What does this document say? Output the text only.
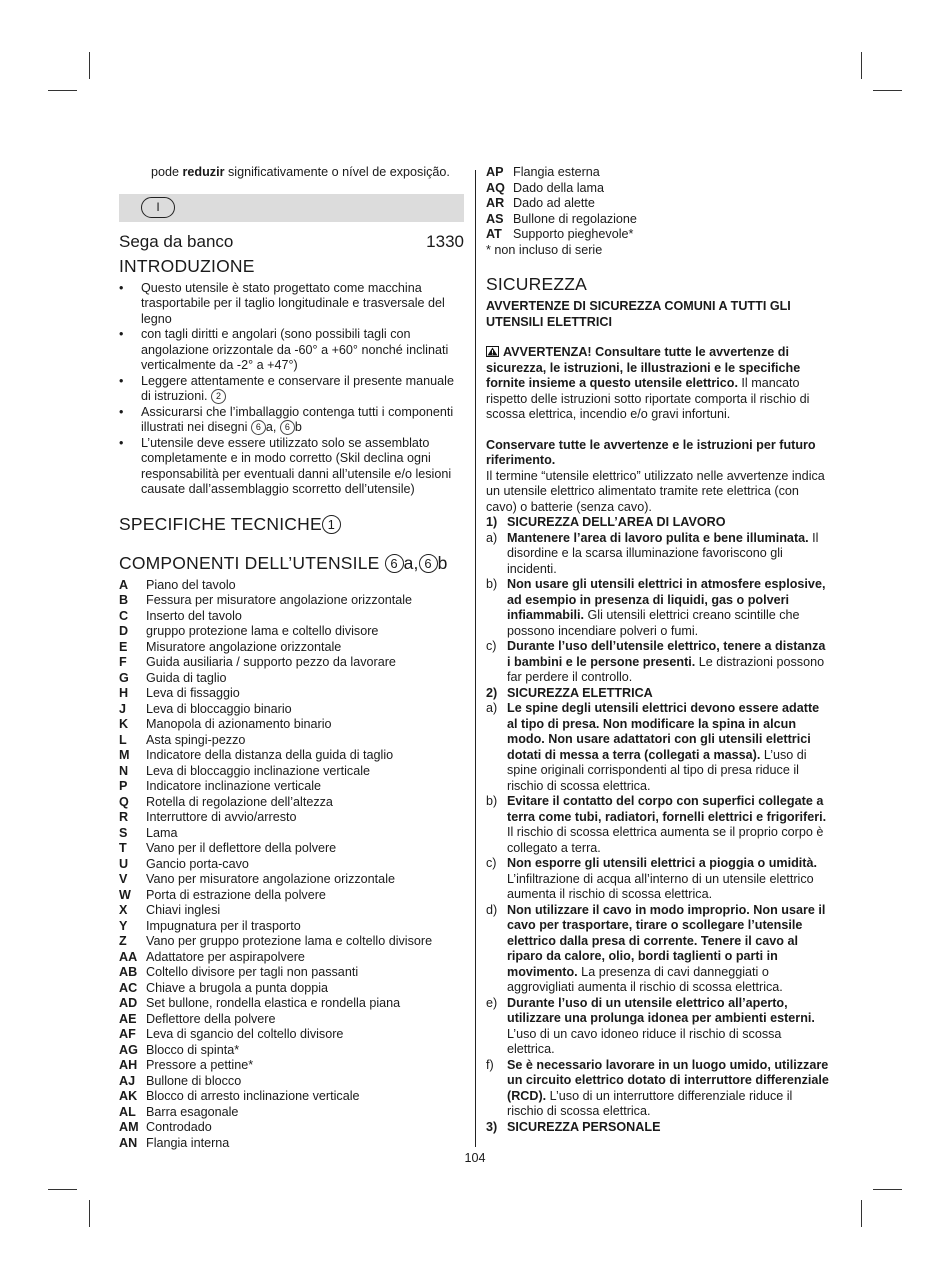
pode reduzir significativamente o nível de exposição.

I
Sega da banco	1330
INTRODUZIONE
• Questo utensile è stato progettato come macchina trasportabile per il taglio longitudinale e trasversale del legno
• con tagli diritti e angolari (sono possibili tagli con angolazione orizzontale da -60° a +60° nonché inclinati verticalmente da -2° a +47°)
• Leggere attentamente e conservare il presente manuale di istruzioni. 2
• Assicurarsi che l’imballaggio contenga tutti i componenti illustrati nei disegni 6 a, 6 b
• L’utensile deve essere utilizzato solo se assemblato completamente e in modo corretto (Skil declina ogni responsabilità per eventuali danni all’utensile e/o lesioni causate dall’assemblaggio scorretto dell’utensile)
SPECIFICHE TECNICHE 1
COMPONENTI DELL’UTENSILE 6 a, 6 b
A	Piano del tavolo
B	Fessura per misuratore angolazione orizzontale
C	Inserto del tavolo
D	gruppo protezione lama e coltello divisore
E	Misuratore angolazione orizzontale
F	Guida ausiliaria / supporto pezzo da lavorare
G	Guida di taglio
H	Leva di fissaggio
J	Leva di bloccaggio binario
K	Manopola di azionamento binario
L	Asta spingi-pezzo
M	Indicatore della distanza della guida di taglio
N	Leva di bloccaggio inclinazione verticale
P	Indicatore inclinazione verticale
Q	Rotella di regolazione dell’altezza
R	Interruttore di avvio/arresto
S	Lama
T	Vano per il deflettore della polvere
U	Gancio porta-cavo
V	Vano per misuratore angolazione orizzontale
W	Porta di estrazione della polvere
X	Chiavi inglesi
Y	Impugnatura per il trasporto
Z	Vano per gruppo protezione lama e coltello divisore
AA Adattatore per aspirapolvere
AB Coltello divisore per tagli non passanti
AC Chiave a brugola a punta doppia
AD Set bullone, rondella elastica e rondella piana
AE Deflettore della polvere
AF Leva di sgancio del coltello divisore
AG Blocco di spinta*
AH Pressore a pettine*
AJ Bullone di blocco
AK Blocco di arresto inclinazione verticale
AL Barra esagonale
AM Controdado
AN Flangia interna
AP Flangia esterna
AQ Dado della lama
AR Dado ad alette
AS Bullone di regolazione
AT Supporto pieghevole*

* non incluso di serie

SICUREZZA

AVVERTENZE DI SICUREZZA COMUNI A TUTTI GLI UTENSILI ELETTRICI

AVVERTENZA! Consultare tutte le avvertenze di sicurezza, le istruzioni, le illustrazioni e le specifiche fornite insieme a questo utensile elettrico. Il mancato rispetto delle istruzioni sotto riportate comporta il rischio di scossa elettrica, incendio e/o gravi infortuni.

Conservare tutte le avvertenze e le istruzioni per futuro riferimento.

Il termine “utensile elettrico” utilizzato nelle avvertenze indica un utensile elettrico alimentato tramite rete elettrica (con cavo) o batterie (senza cavo).

1) SICUREZZA DELL’AREA DI LAVORO
a) Mantenere l’area di lavoro pulita e bene illuminata. Il disordine e la scarsa illuminazione favoriscono gli incidenti.
b) Non usare gli utensili elettrici in atmosfere esplosive, ad esempio in presenza di liquidi, gas o polveri infiammabili. Gli utensili elettrici creano scintille che possono incendiare polveri o fumi.
c) Durante l’uso dell’utensile elettrico, tenere a distanza i bambini e le persone presenti. Le distrazioni possono far perdere il controllo.
2) SICUREZZA ELETTRICA
a) Le spine degli utensili elettrici devono essere adatte al tipo di presa. Non modificare la spina in alcun modo. Non usare adattatori con gli utensili elettrici dotati di messa a terra (collegati a massa). L’uso di spine originali corrispondenti al tipo di presa riduce il rischio di scossa elettrica.
b) Evitare il contatto del corpo con superfici collegate a terra come tubi, radiatori, fornelli elettrici e frigoriferi. Il rischio di scossa elettrica aumenta se il proprio corpo è collegato a terra.
c) Non esporre gli utensili elettrici a pioggia o umidità. L’infiltrazione di acqua all’interno di un utensile elettrico aumenta il rischio di scossa elettrica.
d) Non utilizzare il cavo in modo improprio. Non usare il cavo per trasportare, tirare o scollegare l’utensile elettrico dalla presa di corrente. Tenere il cavo al riparo da calore, olio, bordi taglienti o parti in movimento. La presenza di cavi danneggiati o aggrovigliati aumenta il rischio di scossa elettrica.
e) Durante l’uso di un utensile elettrico all’aperto, utilizzare una prolunga idonea per ambienti esterni. L’uso di un cavo idoneo riduce il rischio di scossa elettrica.
f)	Se è necessario lavorare in un luogo umido, utilizzare un circuito elettrico dotato di interruttore differenziale (RCD). L’uso di un interruttore differenziale riduce il rischio di scossa elettrica.
3) SICUREZZA PERSONALE
104
